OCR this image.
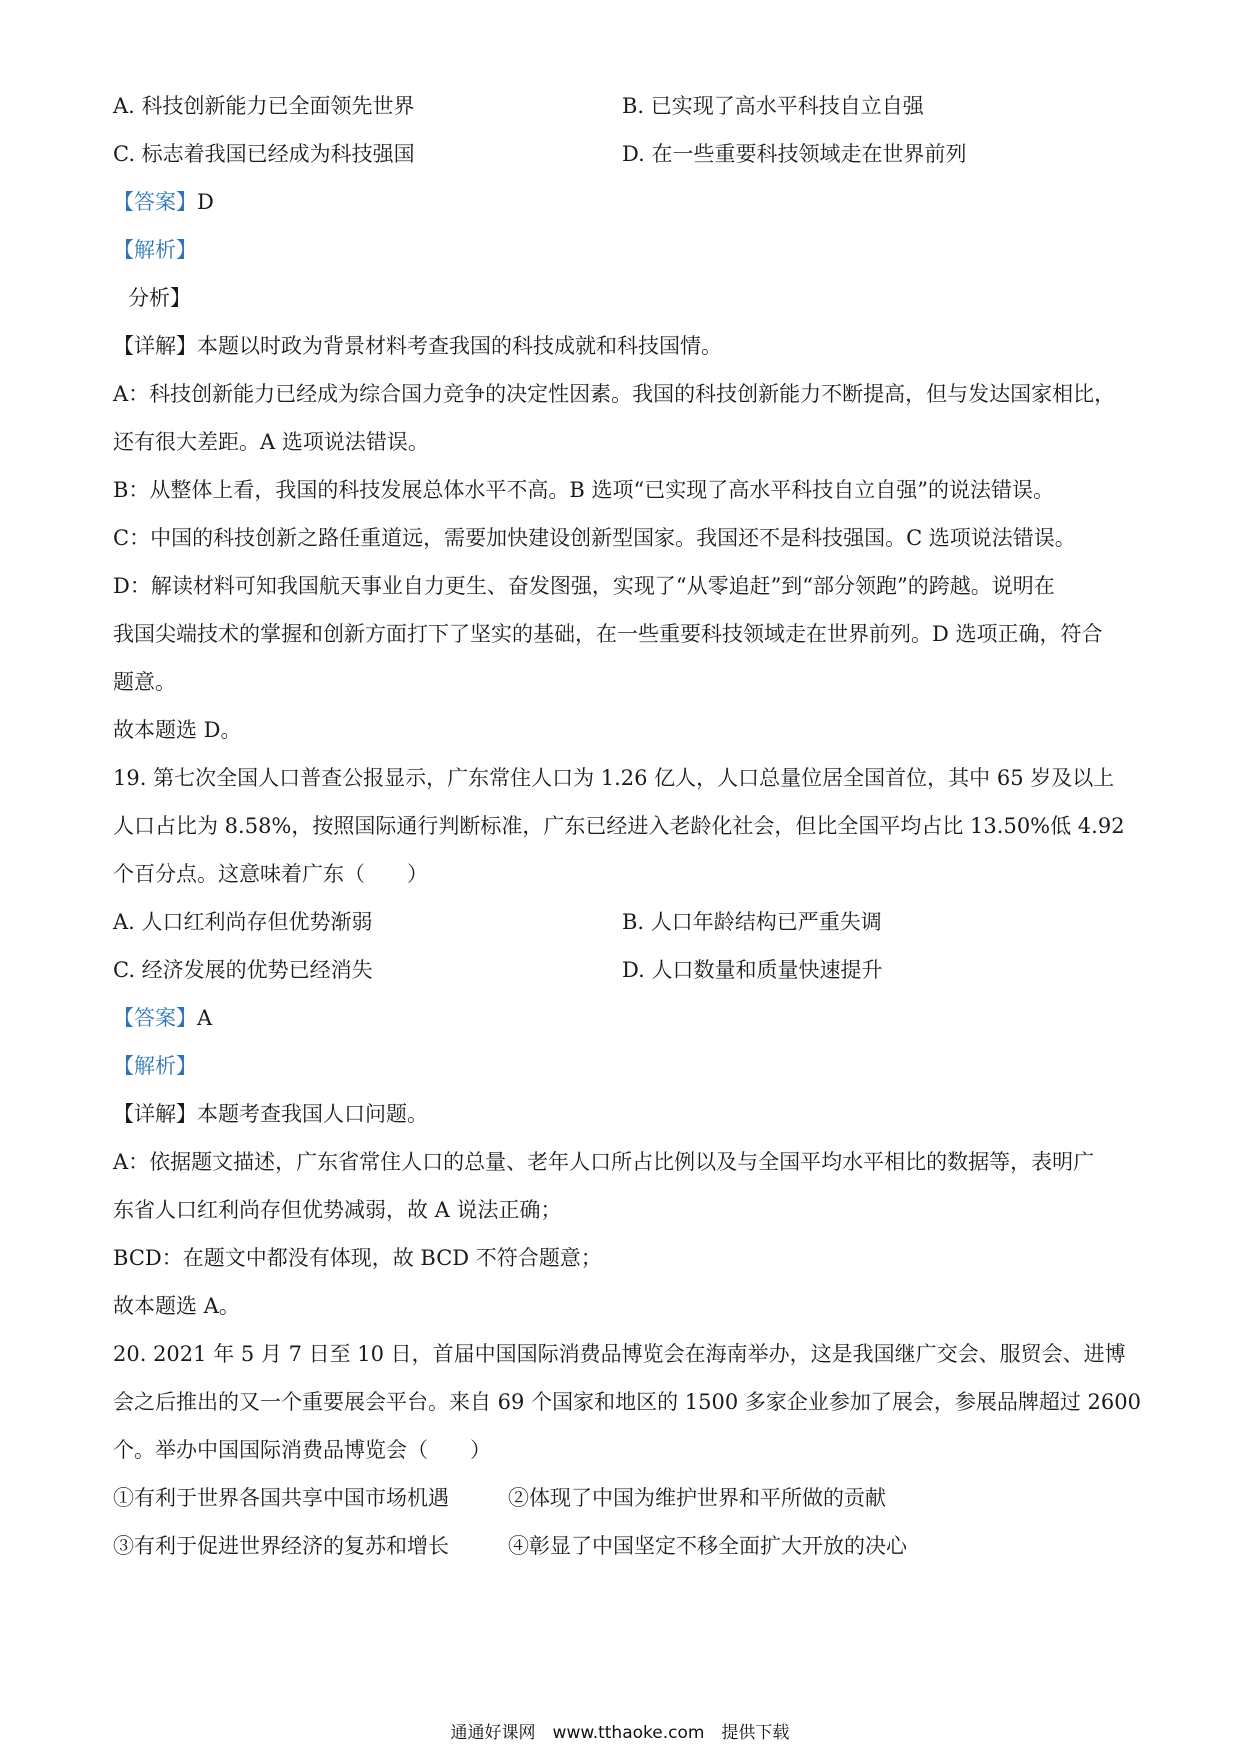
A. 科技创新能力已全面领先世界	B. 已实现了高水平科技自立自强
C. 标志着我国已经成为科技强国	D. 在一些重要科技领域走在世界前列
【答案】D
【解析】
分析】
【详解】本题以时政为背景材料考查我国的科技成就和科技国情。
A：科技创新能力已经成为综合国力竞争的决定性因素。我国的科技创新能力不断提高，但与发达国家相比，
还有很大差距。A 选项说法错误。
B：从整体上看，我国的科技发展总体水平不高。B 选项“已实现了高水平科技自立自强”的说法错误。
C：中国的科技创新之路任重道远，需要加快建设创新型国家。我国还不是科技强国。C 选项说法错误。
D：解读材料可知我国航天事业自力更生、奋发图强，实现了“从零追赶”到“部分领跑”的跨越。说明在
我国尖端技术的掌握和创新方面打下了坚实的基础，在一些重要科技领域走在世界前列。D 选项正确，符合
题意。
故本题选 D。
19. 第七次全国人口普查公报显示，广东常住人口为 1.26 亿人，人口总量位居全国首位，其中 65 岁及以上
人口占比为 8.58%，按照国际通行判断标准，广东已经进入老龄化社会，但比全国平均占比 13.50%低 4.92
个百分点。这意味着广东（　　）
A. 人口红利尚存但优势渐弱	B. 人口年龄结构已严重失调
C. 经济发展的优势已经消失	D. 人口数量和质量快速提升
【答案】A
【解析】
【详解】本题考查我国人口问题。
A：依据题文描述，广东省常住人口的总量、老年人口所占比例以及与全国平均水平相比的数据等，表明广
东省人口红利尚存但优势减弱，故 A 说法正确；
BCD：在题文中都没有体现，故 BCD 不符合题意；
故本题选 A。
20. 2021 年 5 月 7 日至 10 日，首届中国国际消费品博览会在海南举办，这是我国继广交会、服贸会、进博
会之后推出的又一个重要展会平台。来自 69 个国家和地区的 1500 多家企业参加了展会，参展品牌超过 2600
个。举办中国国际消费品博览会（　　）
①有利于世界各国共享中国市场机遇	②体现了中国为维护世界和平所做的贡献
③有利于促进世界经济的复苏和增长	④彰显了中国坚定不移全面扩大开放的决心
通通好课网　www.tthaoke.com　提供下载
